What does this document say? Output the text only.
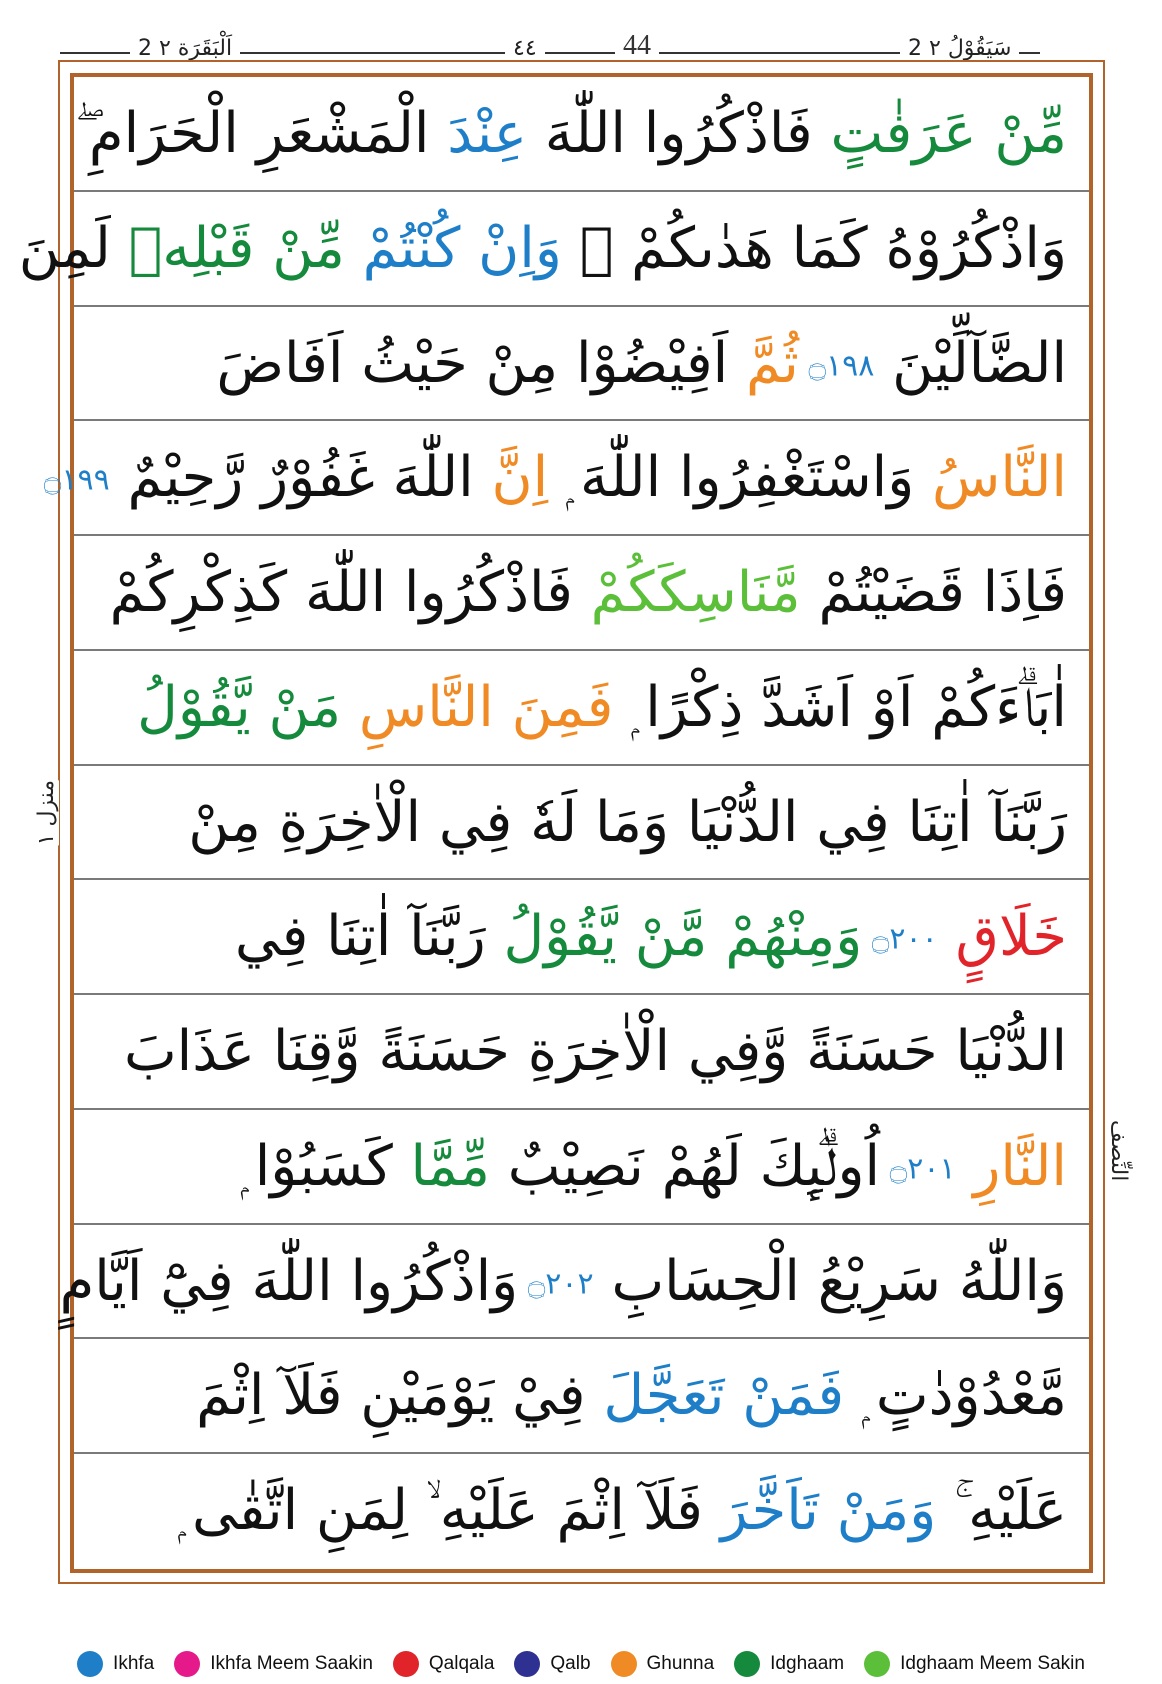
2 اَلْبَقَرَة ٢	٤٤	44	2 سَيَقُوْلُ ٢
مِّنْ عَرَفٰتٍ فَاذْكُرُوا اللّٰهَ عِنْدَ الْمَشْعَرِ الْحَرَامِ ۖ
وَاذْكُرُوْهُ كَمَا هَدٰىكُمْ ۚ وَاِنْ كُنْتُمْ مِّنْ قَبْلِهٖ لَمِنَ
الضَّآلِّيْنَ ۝١٩٨ ثُمَّ اَفِيْضُوْا مِنْ حَيْثُ اَفَاضَ
النَّاسُ وَاسْتَغْفِرُوا اللّٰهَ ۭ اِنَّ اللّٰهَ غَفُوْرٌ رَّحِيْمٌ ۝١٩٩
فَاِذَا قَضَيْتُمْ مَّنَاسِكَكُمْ فَاذْكُرُوا اللّٰهَ كَذِكْرِكُمْ
اٰبَاۗءَكُمْ اَوْ اَشَدَّ ذِكْرًا ۭ فَمِنَ النَّاسِ مَنْ يَّقُوْلُ
رَبَّنَآ اٰتِنَا فِي الدُّنْيَا وَمَا لَهٗ فِي الْاٰخِرَةِ مِنْ
خَلَاقٍ ۝٢٠٠ وَمِنْهُمْ مَّنْ يَّقُوْلُ رَبَّنَآ اٰتِنَا فِي
الدُّنْيَا حَسَنَةً وَّفِي الْاٰخِرَةِ حَسَنَةً وَّقِنَا عَذَابَ
النَّارِ ۝٢٠١ اُولٰۗىِٕكَ لَهُمْ نَصِيْبٌ مِّمَّا كَسَبُوْا ۭ
وَاللّٰهُ سَرِيْعُ الْحِسَابِ ۝٢٠٢ وَاذْكُرُوا اللّٰهَ فِيْٓ اَيَّامٍ
مَّعْدُوْدٰتٍ ۭ فَمَنْ تَعَجَّلَ فِيْ يَوْمَيْنِ فَلَآ اِثْمَ
عَلَيْهِ ۚ وَمَنْ تَاَخَّرَ فَلَآ اِثْمَ عَلَيْهِ ۙ لِمَنِ اتَّقٰى ۭ
منزل ١
النِّصف
Ikhfa	Ikhfa Meem Saakin	Qalqala	Qalb	Ghunna	Idghaam	Idghaam Meem Sakin
